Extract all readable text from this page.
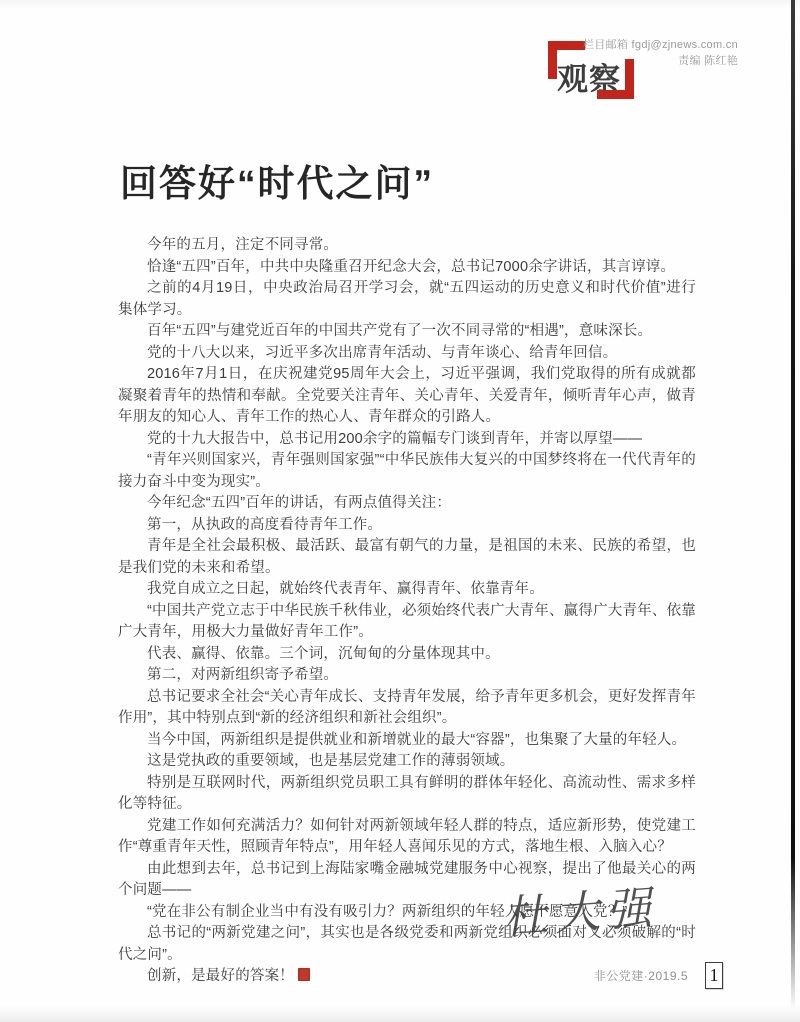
观察
栏目邮箱 fgdj@zjnews.com.cn
责编 陈红艳
回答好“时代之问”

今年的五月，注定不同寻常。

恰逢“五四”百年，中共中央隆重召开纪念大会，总书记7000余字讲话，其言谆谆。

之前的4月19日，中央政治局召开学习会，就“五四运动的历史意义和时代价值”进行集体学习。

百年“五四”与建党近百年的中国共产党有了一次不同寻常的“相遇”，意味深长。

党的十八大以来，习近平多次出席青年活动、与青年谈心、给青年回信。

2016年7月1日，在庆祝建党95周年大会上，习近平强调，我们党取得的所有成就都凝聚着青年的热情和奉献。全党要关注青年、关心青年、关爱青年，倾听青年心声，做青年朋友的知心人、青年工作的热心人、青年群众的引路人。

党的十九大报告中，总书记用200余字的篇幅专门谈到青年，并寄以厚望——

“青年兴则国家兴，青年强则国家强”“中华民族伟大复兴的中国梦终将在一代代青年的接力奋斗中变为现实”。

今年纪念“五四”百年的讲话，有两点值得关注：

第一，从执政的高度看待青年工作。

青年是全社会最积极、最活跃、最富有朝气的力量，是祖国的未来、民族的希望，也是我们党的未来和希望。

我党自成立之日起，就始终代表青年、赢得青年、依靠青年。

“中国共产党立志于中华民族千秋伟业，必须始终代表广大青年、赢得广大青年、依靠广大青年，用极大力量做好青年工作”。

代表、赢得、依靠。三个词，沉甸甸的分量体现其中。

第二，对两新组织寄予希望。

总书记要求全社会“关心青年成长、支持青年发展，给予青年更多机会，更好发挥青年作用”，其中特别点到“新的经济组织和新社会组织”。

当今中国，两新组织是提供就业和新增就业的最大“容器”，也集聚了大量的年轻人。

这是党执政的重要领域，也是基层党建工作的薄弱领域。

特别是互联网时代，两新组织党员职工具有鲜明的群体年轻化、高流动性、需求多样化等特征。

党建工作如何充满活力？如何针对两新领域年轻人群的特点，适应新形势，使党建工作“尊重青年天性，照顾青年特点”，用年轻人喜闻乐见的方式，落地生根、入脑入心？

由此想到去年，总书记到上海陆家嘴金融城党建服务中心视察，提出了他最关心的两个问题——

“党在非公有制企业当中有没有吸引力？两新组织的年轻人愿不愿意入党？”

总书记的“两新党建之问”，其实也是各级党委和两新党组织必须面对又必须破解的“时代之问”。

创新，是最好的答案！

杜大强
非公党建·2019.5 1
